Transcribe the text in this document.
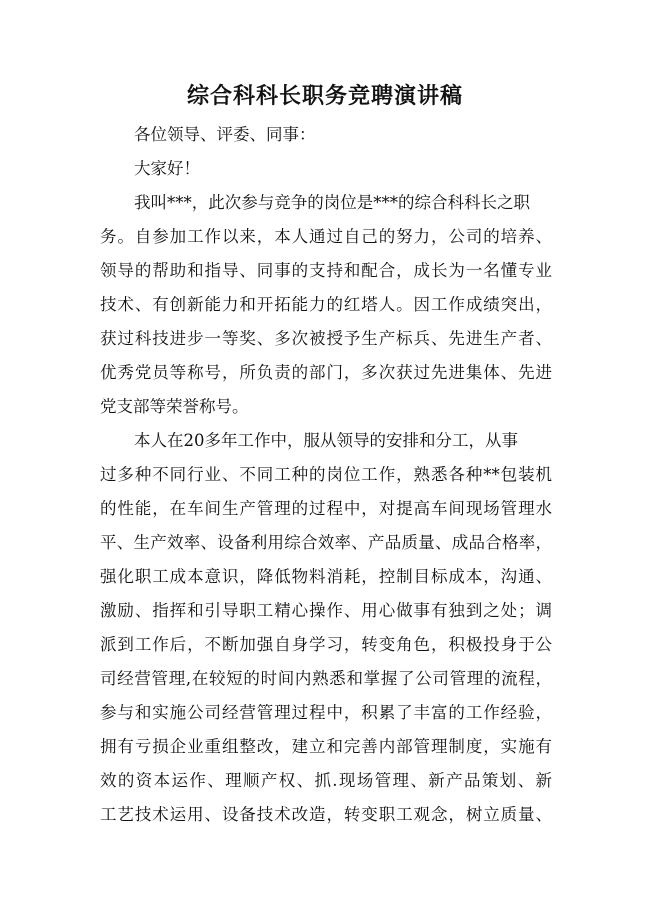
综合科科长职务竞聘演讲稿
各位领导、评委、同事：
大家好！
我叫***，此次参与竞争的岗位是***的综合科科长之职
务。自参加工作以来，本人通过自己的努力，公司的培养、
领导的帮助和指导、同事的支持和配合，成长为一名懂专业
技术、有创新能力和开拓能力的红塔人。因工作成绩突出，
获过科技进步一等奖、多次被授予生产标兵、先进生产者、
优秀党员等称号，所负责的部门，多次获过先进集体、先进
党支部等荣誉称号。
本人在20多年工作中，服从领导的安排和分工，从事
过多种不同行业、不同工种的岗位工作，熟悉各种**包装机
的性能，在车间生产管理的过程中，对提高车间现场管理水
平、生产效率、设备利用综合效率、产品质量、成品合格率，
强化职工成本意识，降低物料消耗，控制目标成本，沟通、
激励、指挥和引导职工精心操作、用心做事有独到之处；调
派到工作后，不断加强自身学习，转变角色，积极投身于公
司经营管理,在较短的时间内熟悉和掌握了公司管理的流程，
参与和实施公司经营管理过程中，积累了丰富的工作经验，
拥有亏损企业重组整改，建立和完善内部管理制度，实施有
效的资本运作、理顺产权、抓.现场管理、新产品策划、新
工艺技术运用、设备技术改造，转变职工观念，树立质量、
